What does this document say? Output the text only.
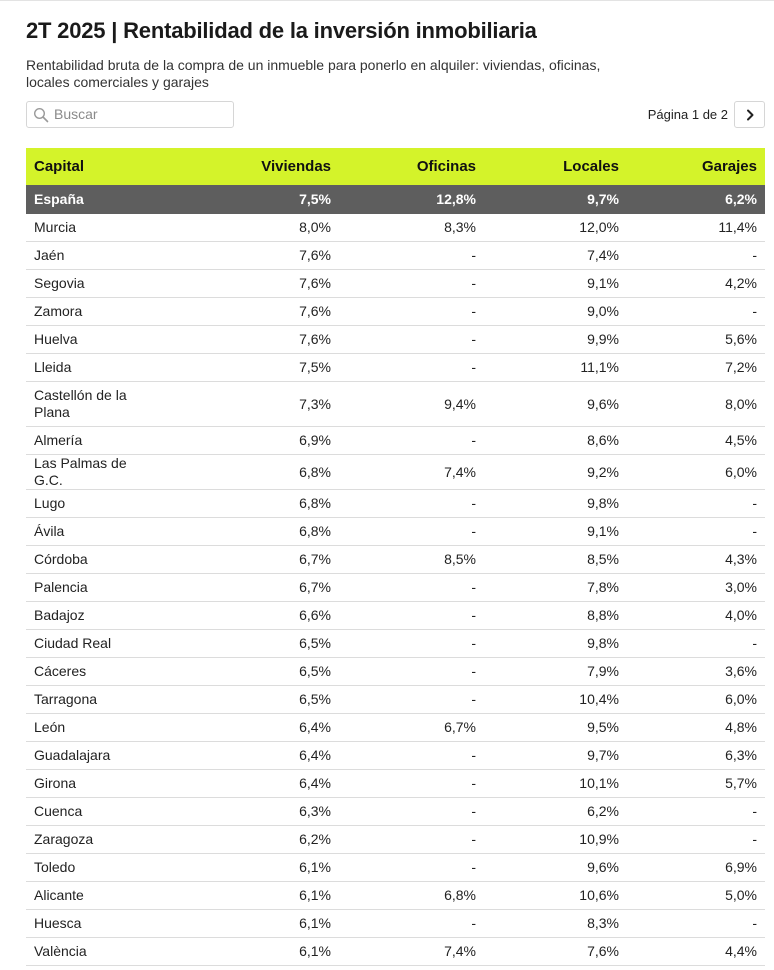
2T 2025 | Rentabilidad de la inversión inmobiliaria

Rentabilidad bruta de la compra de un inmueble para ponerlo en alquiler: viviendas, oficinas, locales comerciales y garajes

Buscar
Página 1 de 2
Capital	Viviendas	Oficinas	Locales	Garajes
España	7,5%	12,8%	9,7%	6,2%
Murcia	8,0%	8,3%	12,0%	11,4%
Jaén	7,6%	-	7,4%	-
Segovia	7,6%	-	9,1%	4,2%
Zamora	7,6%	-	9,0%	-
Huelva	7,6%	-	9,9%	5,6%
Lleida	7,5%	-	11,1%	7,2%
Castellón de la Plana	7,3%	9,4%	9,6%	8,0%
Almería	6,9%	-	8,6%	4,5%
Las Palmas de G.C.	6,8%	7,4%	9,2%	6,0%
Lugo	6,8%	-	9,8%	-
Ávila	6,8%	-	9,1%	-
Córdoba	6,7%	8,5%	8,5%	4,3%
Palencia	6,7%	-	7,8%	3,0%
Badajoz	6,6%	-	8,8%	4,0%
Ciudad Real	6,5%	-	9,8%	-
Cáceres	6,5%	-	7,9%	3,6%
Tarragona	6,5%	-	10,4%	6,0%
León	6,4%	6,7%	9,5%	4,8%
Guadalajara	6,4%	-	9,7%	6,3%
Girona	6,4%	-	10,1%	5,7%
Cuenca	6,3%	-	6,2%	-
Zaragoza	6,2%	-	10,9%	-
Toledo	6,1%	-	9,6%	6,9%
Alicante	6,1%	6,8%	10,6%	5,0%
Huesca	6,1%	-	8,3%	-
València	6,1%	7,4%	7,6%	4,4%
